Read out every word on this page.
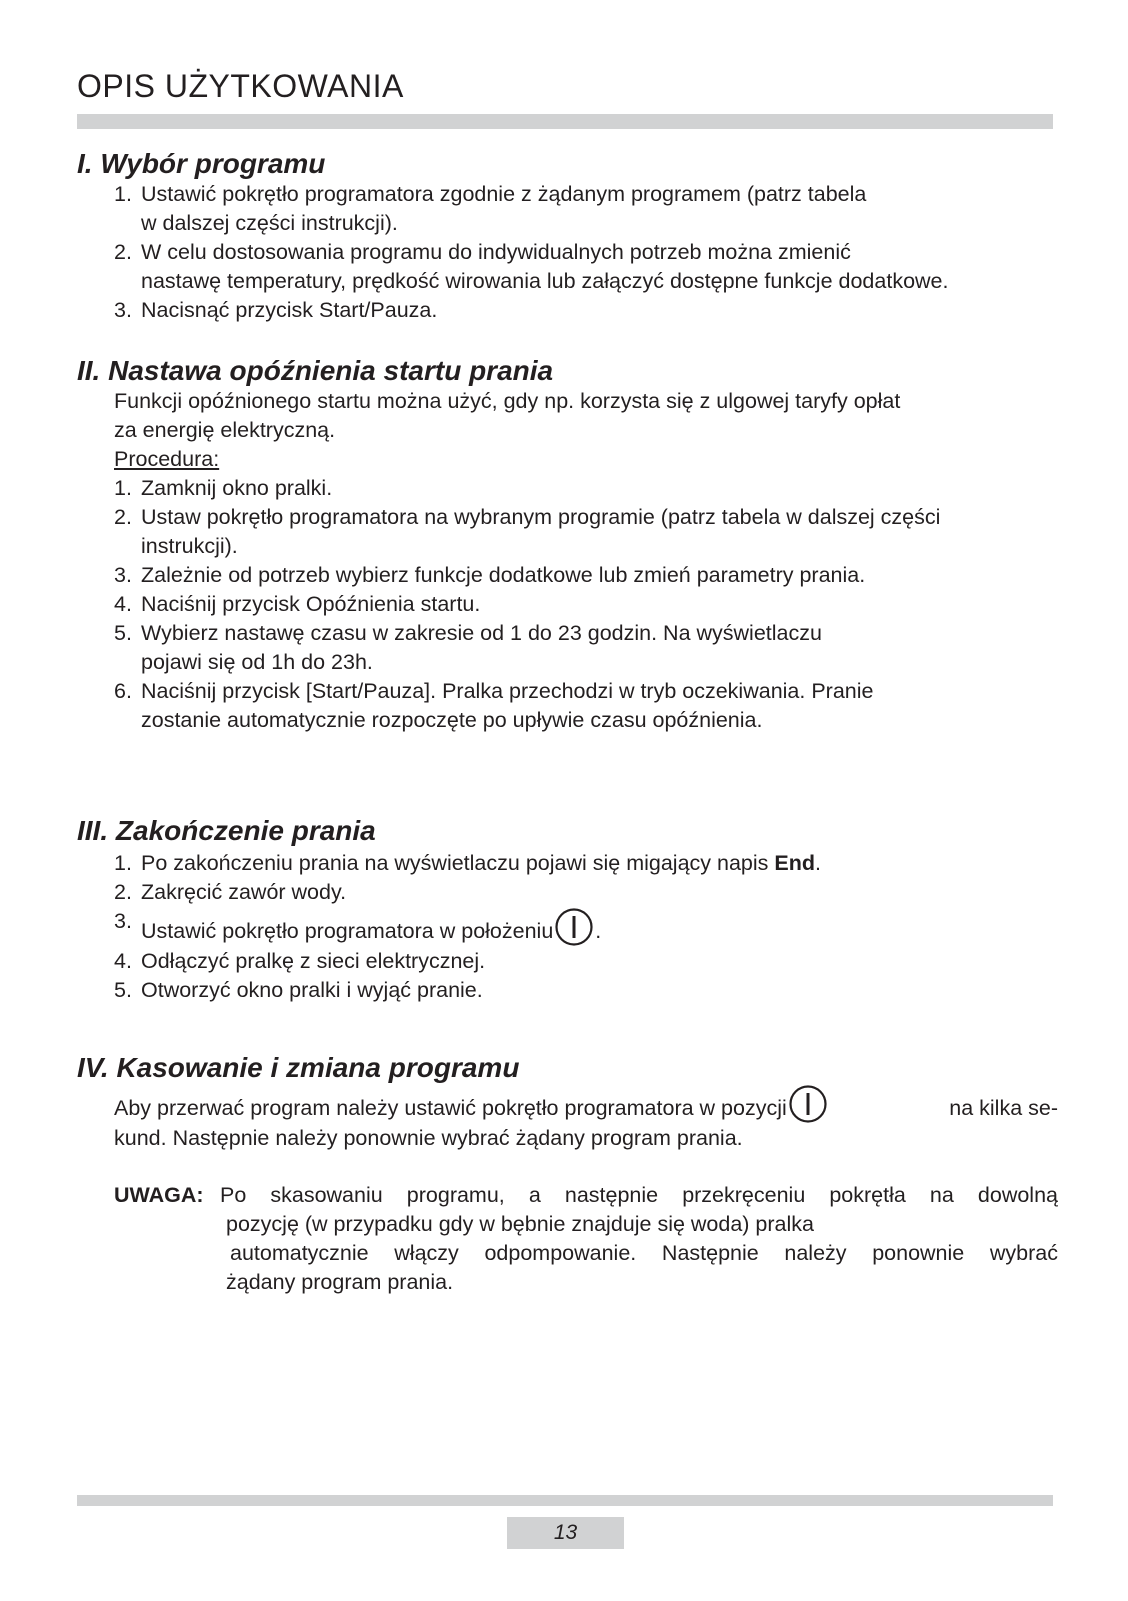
OPIS UŻYTKOWANIA
I. Wybór programu
1. Ustawić pokrętło programatora zgodnie z żądanym programem (patrz tabela
w dalszej części instrukcji).
2. W celu dostosowania programu do indywidualnych potrzeb można zmienić
nastawę temperatury, prędkość wirowania lub załączyć dostępne funkcje dodatkowe.
3. Nacisnąć przycisk Start/Pauza.
II. Nastawa opóźnienia startu prania
Funkcji opóźnionego startu można użyć, gdy np. korzysta się z ulgowej taryfy opłat
za energię elektryczną.
Procedura:
1. Zamknij okno pralki.
2. Ustaw pokrętło programatora na wybranym programie (patrz tabela w dalszej części
instrukcji).
3. Zależnie od potrzeb wybierz funkcje dodatkowe lub zmień parametry prania.
4. Naciśnij przycisk Opóźnienia startu.
5. Wybierz nastawę czasu w zakresie od 1 do 23 godzin. Na wyświetlaczu
pojawi się od 1h do 23h.
6. Naciśnij przycisk [Start/Pauza]. Pralka przechodzi w tryb oczekiwania. Pranie
zostanie automatycznie rozpoczęte po upływie czasu opóźnienia.
III. Zakończenie prania
1. Po zakończeniu prania na wyświetlaczu pojawi się migający napis End.
2. Zakręcić zawór wody.
3. Ustawić pokrętło programatora w położeniu .
4. Odłączyć pralkę z sieci elektrycznej.
5. Otworzyć okno pralki i wyjąć pranie.
IV. Kasowanie i zmiana programu
Aby przerwać program należy ustawić pokrętło programatora w pozycji	na kilka se-
kund. Następnie należy ponownie wybrać żądany program prania.
UWAGA: Po skasowaniu programu, a następnie przekręceniu pokrętła na dowolną
pozycję (w przypadku gdy w bębnie znajduje się woda) pralka
automatycznie włączy odpompowanie. Następnie należy ponownie wybrać
żądany program prania.
13
